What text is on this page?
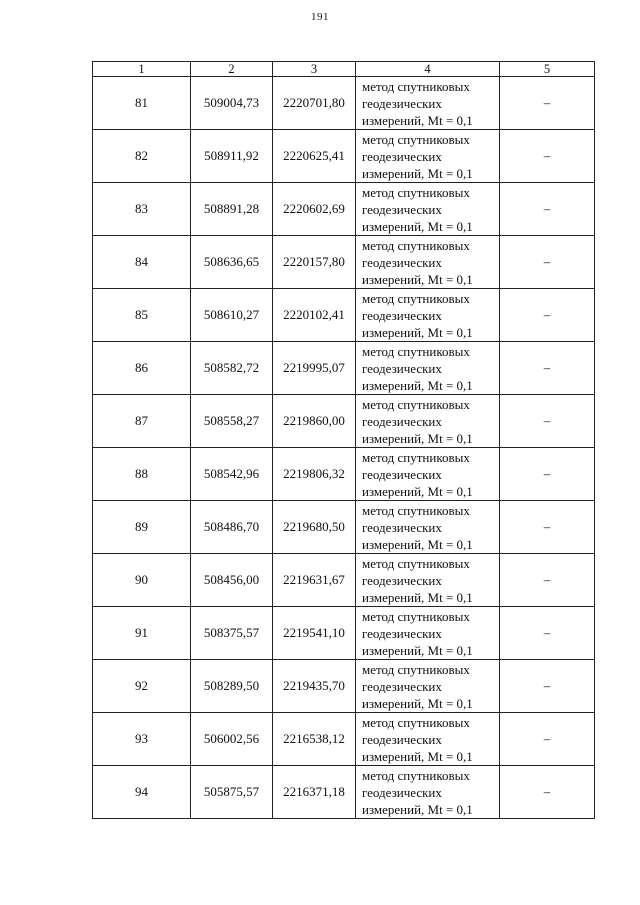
191
1	2	3	4	5
81	509004,73	2220701,80	метод спутниковых
геодезических
измерений, Mt = 0,1	–
82	508911,92	2220625,41	метод спутниковых
геодезических
измерений, Mt = 0,1	–
83	508891,28	2220602,69	метод спутниковых
геодезических
измерений, Mt = 0,1	–
84	508636,65	2220157,80	метод спутниковых
геодезических
измерений, Mt = 0,1	–
85	508610,27	2220102,41	метод спутниковых
геодезических
измерений, Mt = 0,1	–
86	508582,72	2219995,07	метод спутниковых
геодезических
измерений, Mt = 0,1	–
87	508558,27	2219860,00	метод спутниковых
геодезических
измерений, Mt = 0,1	–
88	508542,96	2219806,32	метод спутниковых
геодезических
измерений, Mt = 0,1	–
89	508486,70	2219680,50	метод спутниковых
геодезических
измерений, Mt = 0,1	–
90	508456,00	2219631,67	метод спутниковых
геодезических
измерений, Mt = 0,1	–
91	508375,57	2219541,10	метод спутниковых
геодезических
измерений, Mt = 0,1	–
92	508289,50	2219435,70	метод спутниковых
геодезических
измерений, Mt = 0,1	–
93	506002,56	2216538,12	метод спутниковых
геодезических
измерений, Mt = 0,1	–
94	505875,57	2216371,18	метод спутниковых
геодезических
измерений, Mt = 0,1	–
